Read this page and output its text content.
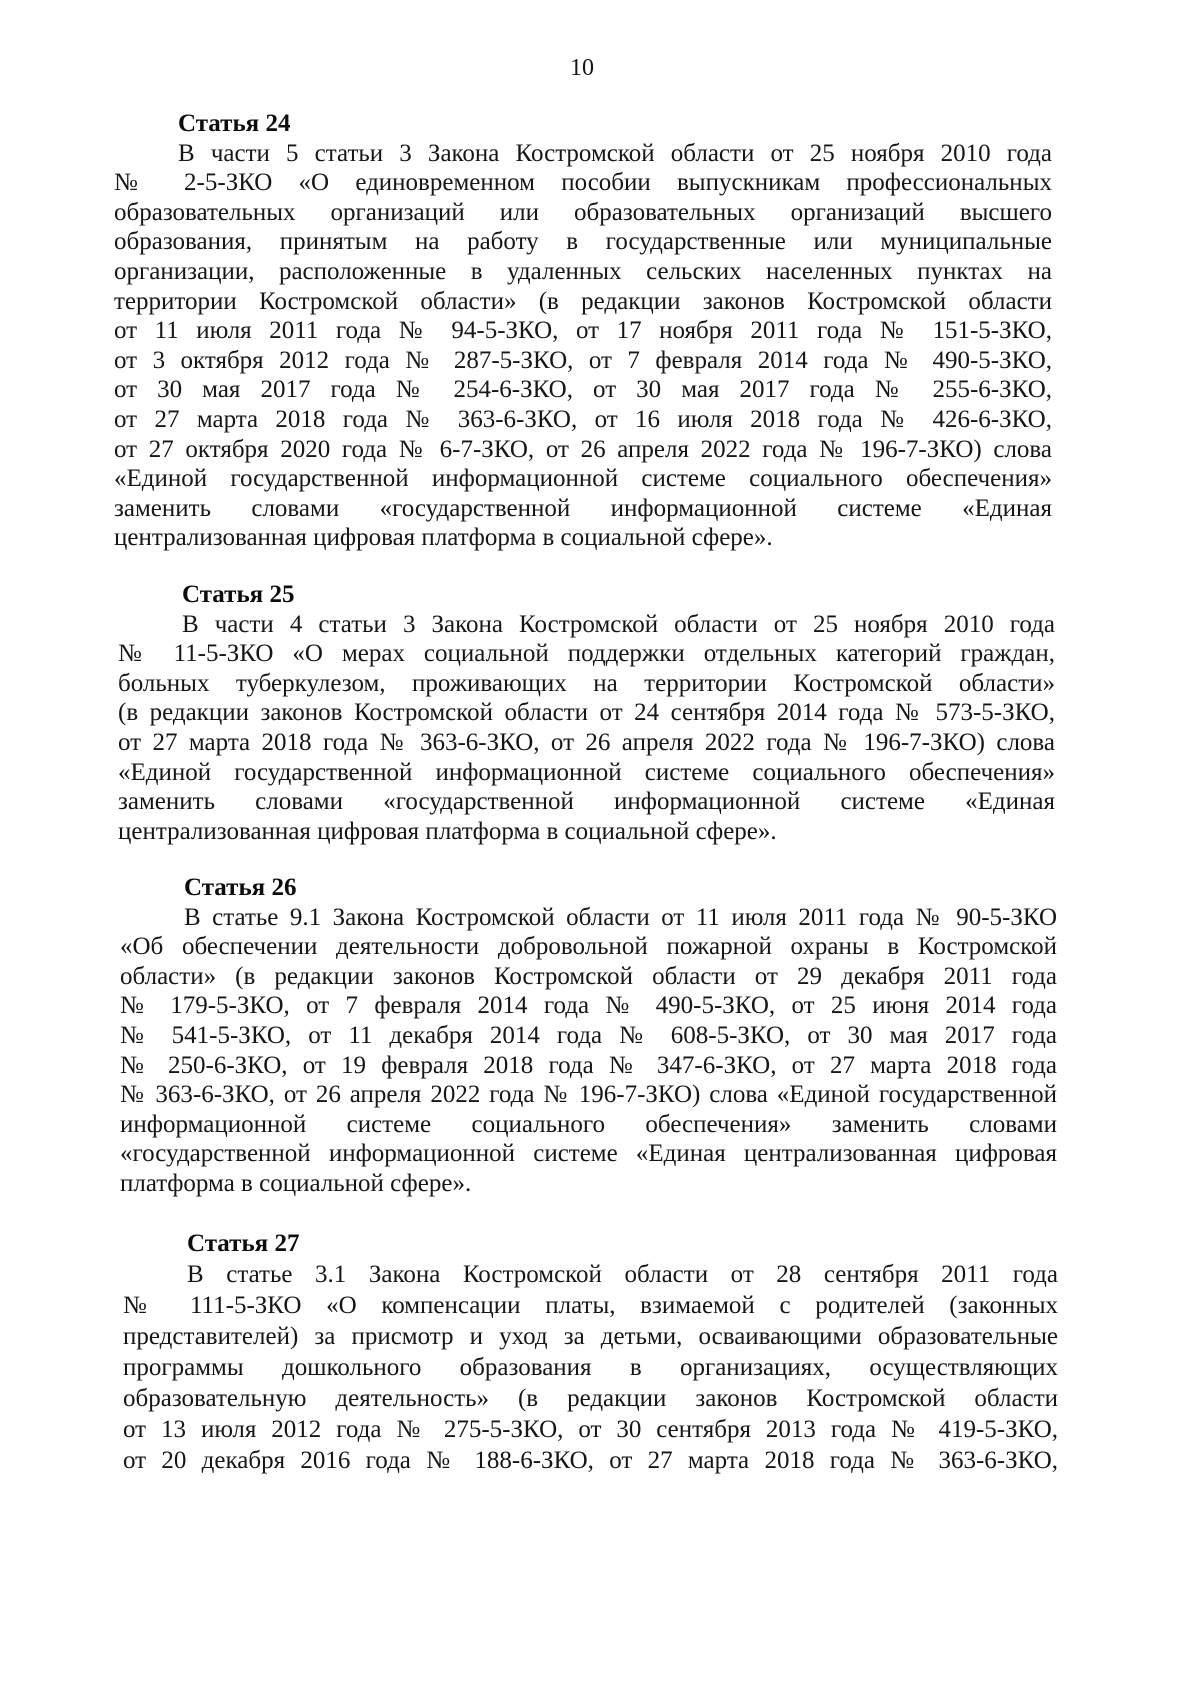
10
Статья 24
В части 5 статьи 3 Закона Костромской области от 25 ноября 2010 года
№ 2-5-ЗКО «О единовременном пособии выпускникам профессиональных
образовательных организаций или образовательных организаций высшего
образования, принятым на работу в государственные или муниципальные
организации, расположенные в удаленных сельских населенных пунктах на
территории Костромской области» (в редакции законов Костромской области
от 11 июля 2011 года № 94-5-ЗКО, от 17 ноября 2011 года № 151-5-ЗКО,
от 3 октября 2012 года № 287-5-ЗКО, от 7 февраля 2014 года № 490-5-ЗКО,
от 30 мая 2017 года № 254-6-ЗКО, от 30 мая 2017 года № 255-6-ЗКО,
от 27 марта 2018 года № 363-6-ЗКО, от 16 июля 2018 года № 426-6-ЗКО,
от 27 октября 2020 года № 6-7-ЗКО, от 26 апреля 2022 года № 196-7-ЗКО) слова
«Единой государственной информационной системе социального обеспечения»
заменить словами «государственной информационной системе «Единая
централизованная цифровая платформа в социальной сфере».
Статья 25
В части 4 статьи 3 Закона Костромской области от 25 ноября 2010 года
№ 11-5-ЗКО «О мерах социальной поддержки отдельных категорий граждан,
больных туберкулезом, проживающих на территории Костромской области»
(в редакции законов Костромской области от 24 сентября 2014 года № 573-5-ЗКО,
от 27 марта 2018 года № 363-6-ЗКО, от 26 апреля 2022 года № 196-7-ЗКО) слова
«Единой государственной информационной системе социального обеспечения»
заменить словами «государственной информационной системе «Единая
централизованная цифровая платформа в социальной сфере».
Статья 26
В статье 9.1 Закона Костромской области от 11 июля 2011 года № 90-5-ЗКО
«Об обеспечении деятельности добровольной пожарной охраны в Костромской
области» (в редакции законов Костромской области от 29 декабря 2011 года
№ 179-5-ЗКО, от 7 февраля 2014 года № 490-5-ЗКО, от 25 июня 2014 года
№ 541-5-ЗКО, от 11 декабря 2014 года № 608-5-ЗКО, от 30 мая 2017 года
№ 250-6-ЗКО, от 19 февраля 2018 года № 347-6-ЗКО, от 27 марта 2018 года
№ 363-6-ЗКО, от 26 апреля 2022 года № 196-7-ЗКО) слова «Единой государственной
информационной системе социального обеспечения» заменить словами
«государственной информационной системе «Единая централизованная цифровая
платформа в социальной сфере».
Статья 27
В статье 3.1 Закона Костромской области от 28 сентября 2011 года
№ 111-5-ЗКО «О компенсации платы, взимаемой с родителей (законных
представителей) за присмотр и уход за детьми, осваивающими образовательные
программы дошкольного образования в организациях, осуществляющих
образовательную деятельность» (в редакции законов Костромской области
от 13 июля 2012 года № 275-5-ЗКО, от 30 сентября 2013 года № 419-5-ЗКО,
от 20 декабря 2016 года № 188-6-ЗКО, от 27 марта 2018 года № 363-6-ЗКО,
